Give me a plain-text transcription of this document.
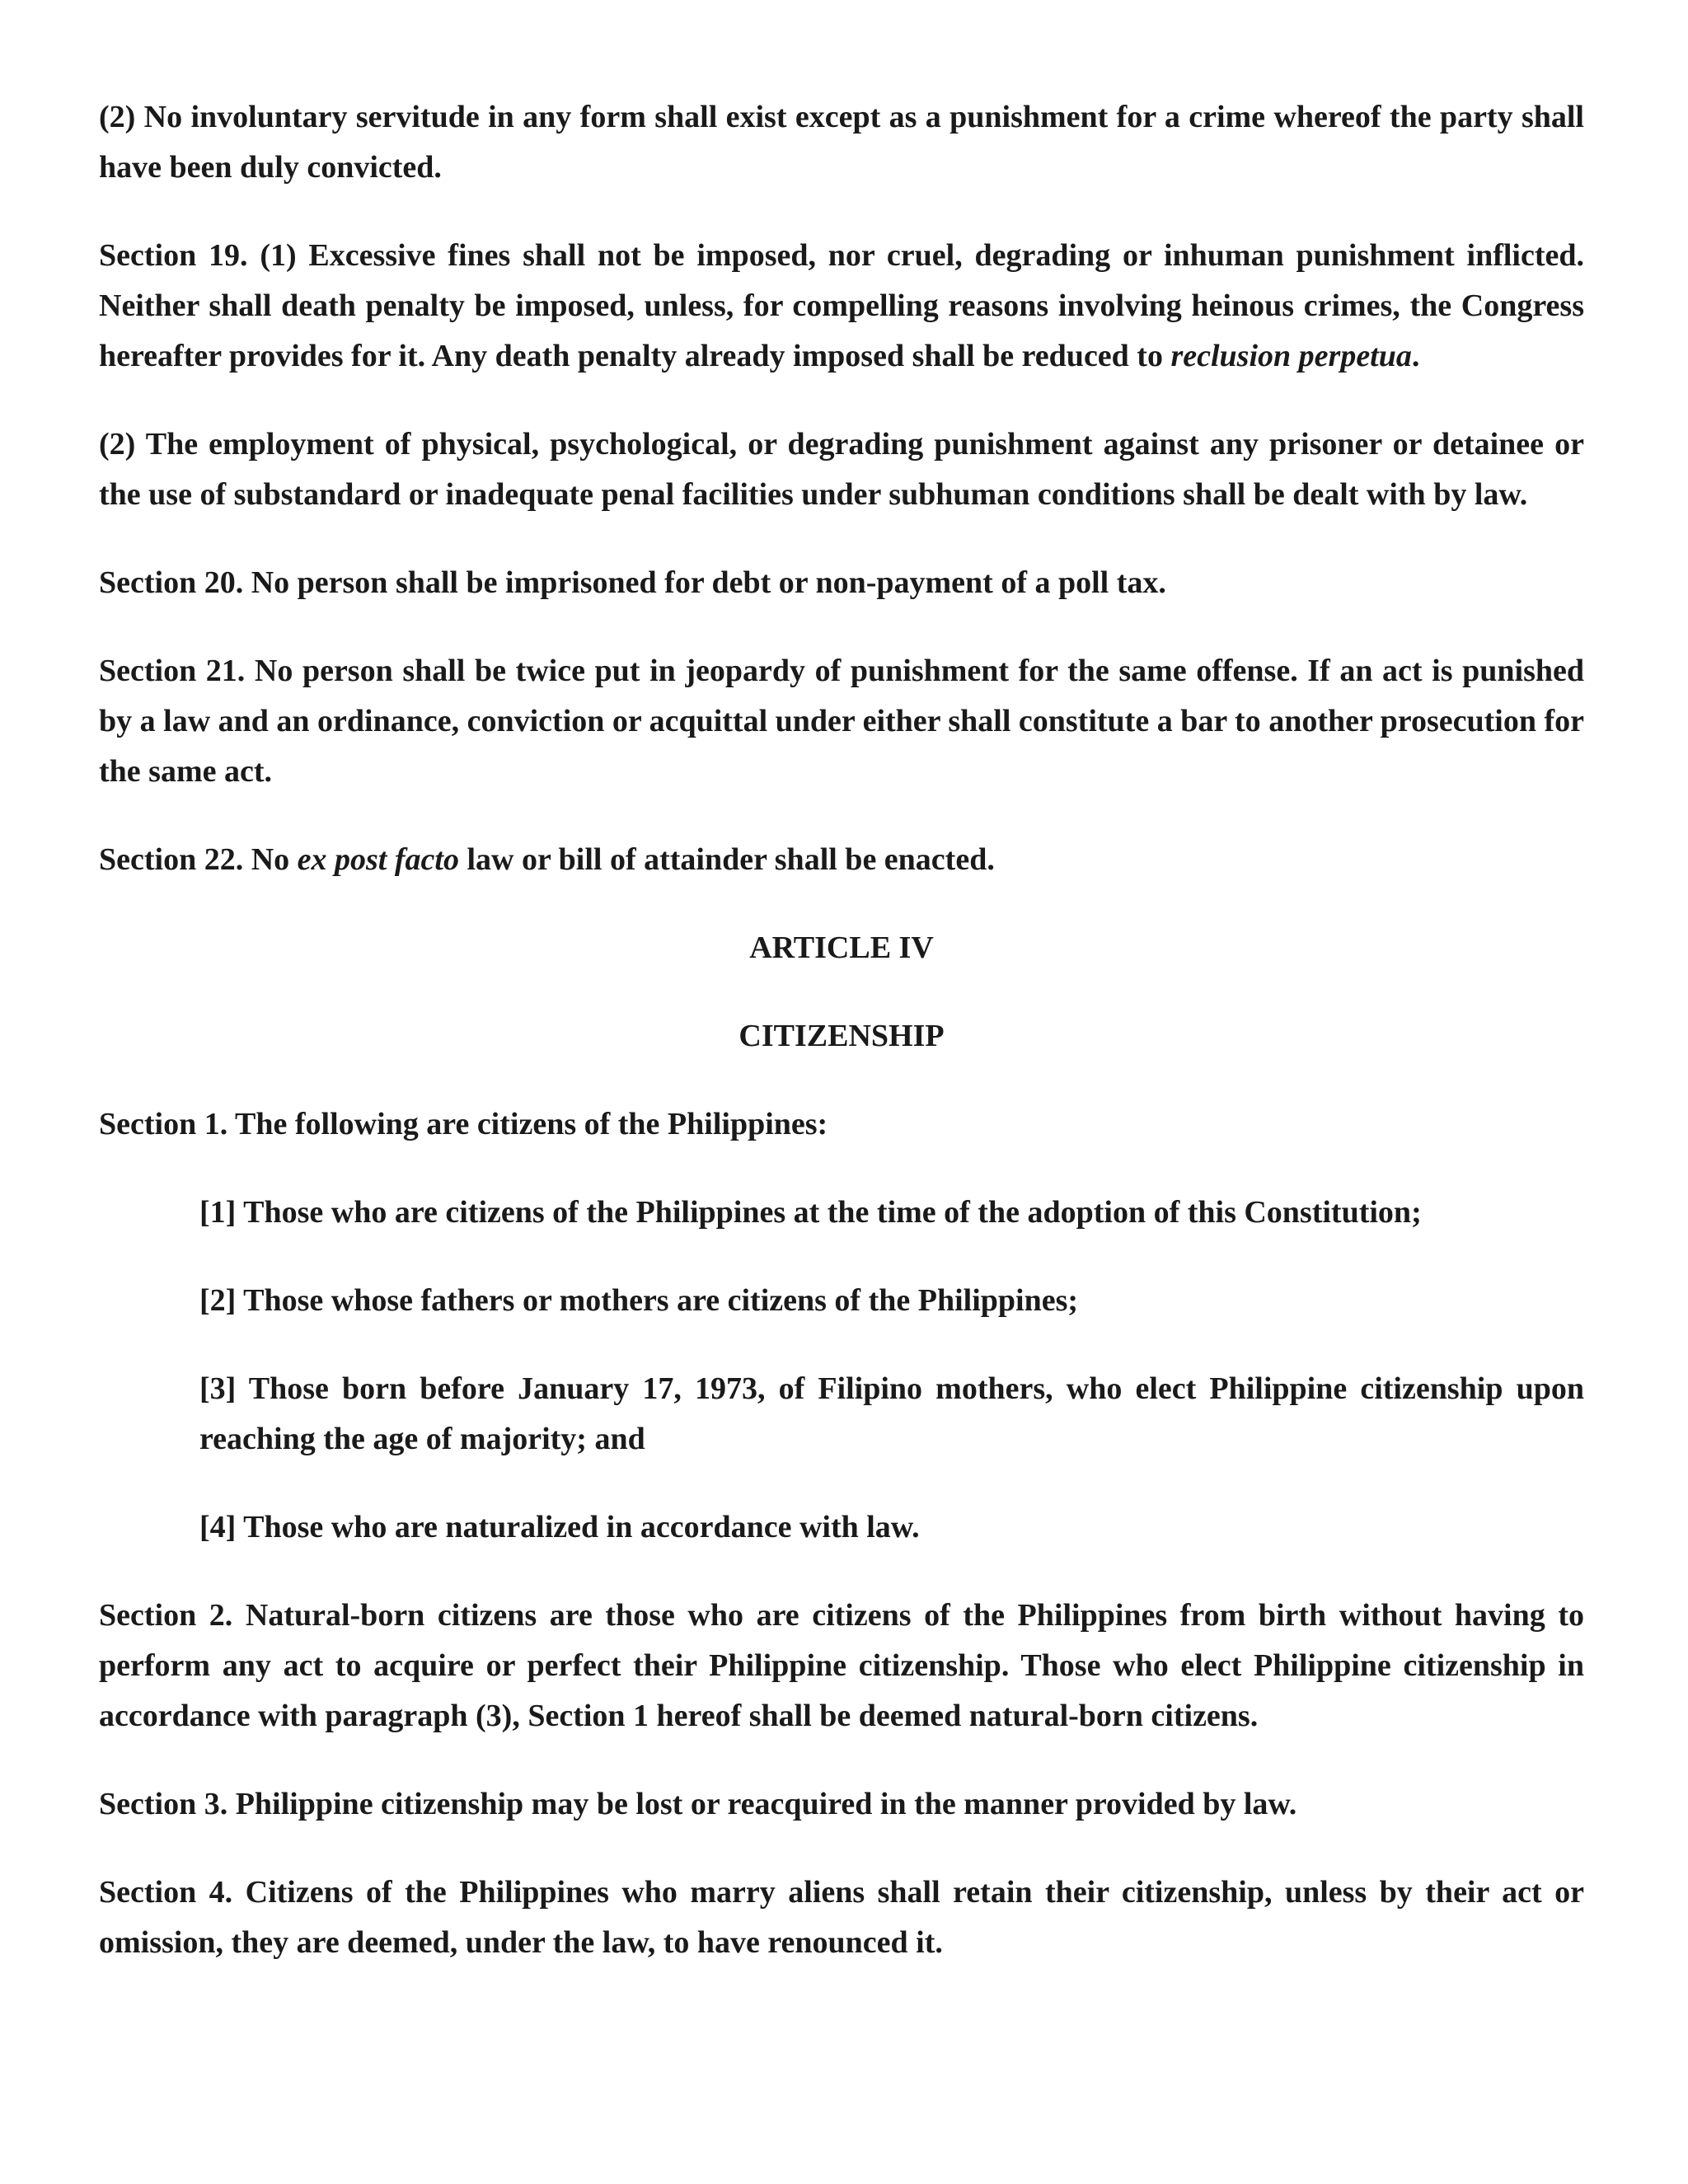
(2) No involuntary servitude in any form shall exist except as a punishment for a crime whereof the party shall have been duly convicted.

Section 19. (1) Excessive fines shall not be imposed, nor cruel, degrading or inhuman punishment inflicted. Neither shall death penalty be imposed, unless, for compelling reasons involving heinous crimes, the Congress hereafter provides for it. Any death penalty already imposed shall be reduced to reclusion perpetua.

(2) The employment of physical, psychological, or degrading punishment against any prisoner or detainee or the use of substandard or inadequate penal facilities under subhuman conditions shall be dealt with by law.

Section 20. No person shall be imprisoned for debt or non-payment of a poll tax.

Section 21. No person shall be twice put in jeopardy of punishment for the same offense. If an act is punished by a law and an ordinance, conviction or acquittal under either shall constitute a bar to another prosecution for the same act.

Section 22. No ex post facto law or bill of attainder shall be enacted.

ARTICLE IV

CITIZENSHIP

Section 1. The following are citizens of the Philippines:

[1] Those who are citizens of the Philippines at the time of the adoption of this Constitution;

[2] Those whose fathers or mothers are citizens of the Philippines;

[3] Those born before January 17, 1973, of Filipino mothers, who elect Philippine citizenship upon reaching the age of majority; and

[4] Those who are naturalized in accordance with law.

Section 2. Natural-born citizens are those who are citizens of the Philippines from birth without having to perform any act to acquire or perfect their Philippine citizenship. Those who elect Philippine citizenship in accordance with paragraph (3), Section 1 hereof shall be deemed natural-born citizens.

Section 3. Philippine citizenship may be lost or reacquired in the manner provided by law.

Section 4. Citizens of the Philippines who marry aliens shall retain their citizenship, unless by their act or omission, they are deemed, under the law, to have renounced it.
